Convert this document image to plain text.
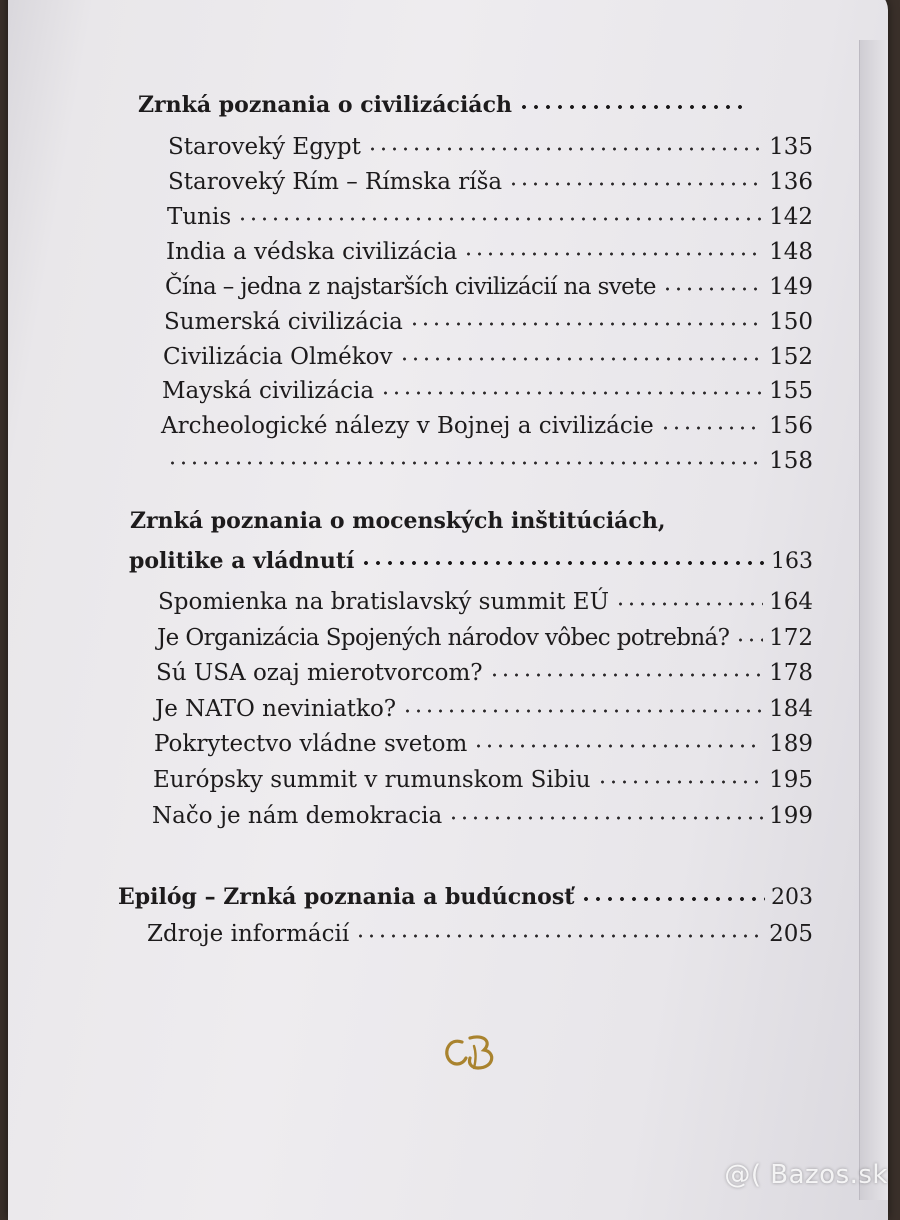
Zrnká poznania o civilizáciách
Staroveký Egypt	135
Staroveký Rím – Rímska ríša	136
Tunis	142
India a védska civilizácia	148
Čína – jedna z najstarších civilizácií na svete	149
Sumerská civilizácia	150
Civilizácia Olmékov	152
Mayská civilizácia	155
Archeologické nálezy v Bojnej a civilizácie	156
158
Zrnká poznania o mocenských inštitúciách,
politike a vládnutí	163
Spomienka na bratislavský summit EÚ	164
Je Organizácia Spojených národov vôbec potrebná? 172
Sú USA ozaj mierotvorcom?	178
Je NATO neviniatko?	184
Pokrytectvo vládne svetom	189
Európsky summit v rumunskom Sibiu	195
Načo je nám demokracia	199
Epilóg – Zrnká poznania a budúcnosť	203
Zdroje informácií	205
@( Bazos.sk
